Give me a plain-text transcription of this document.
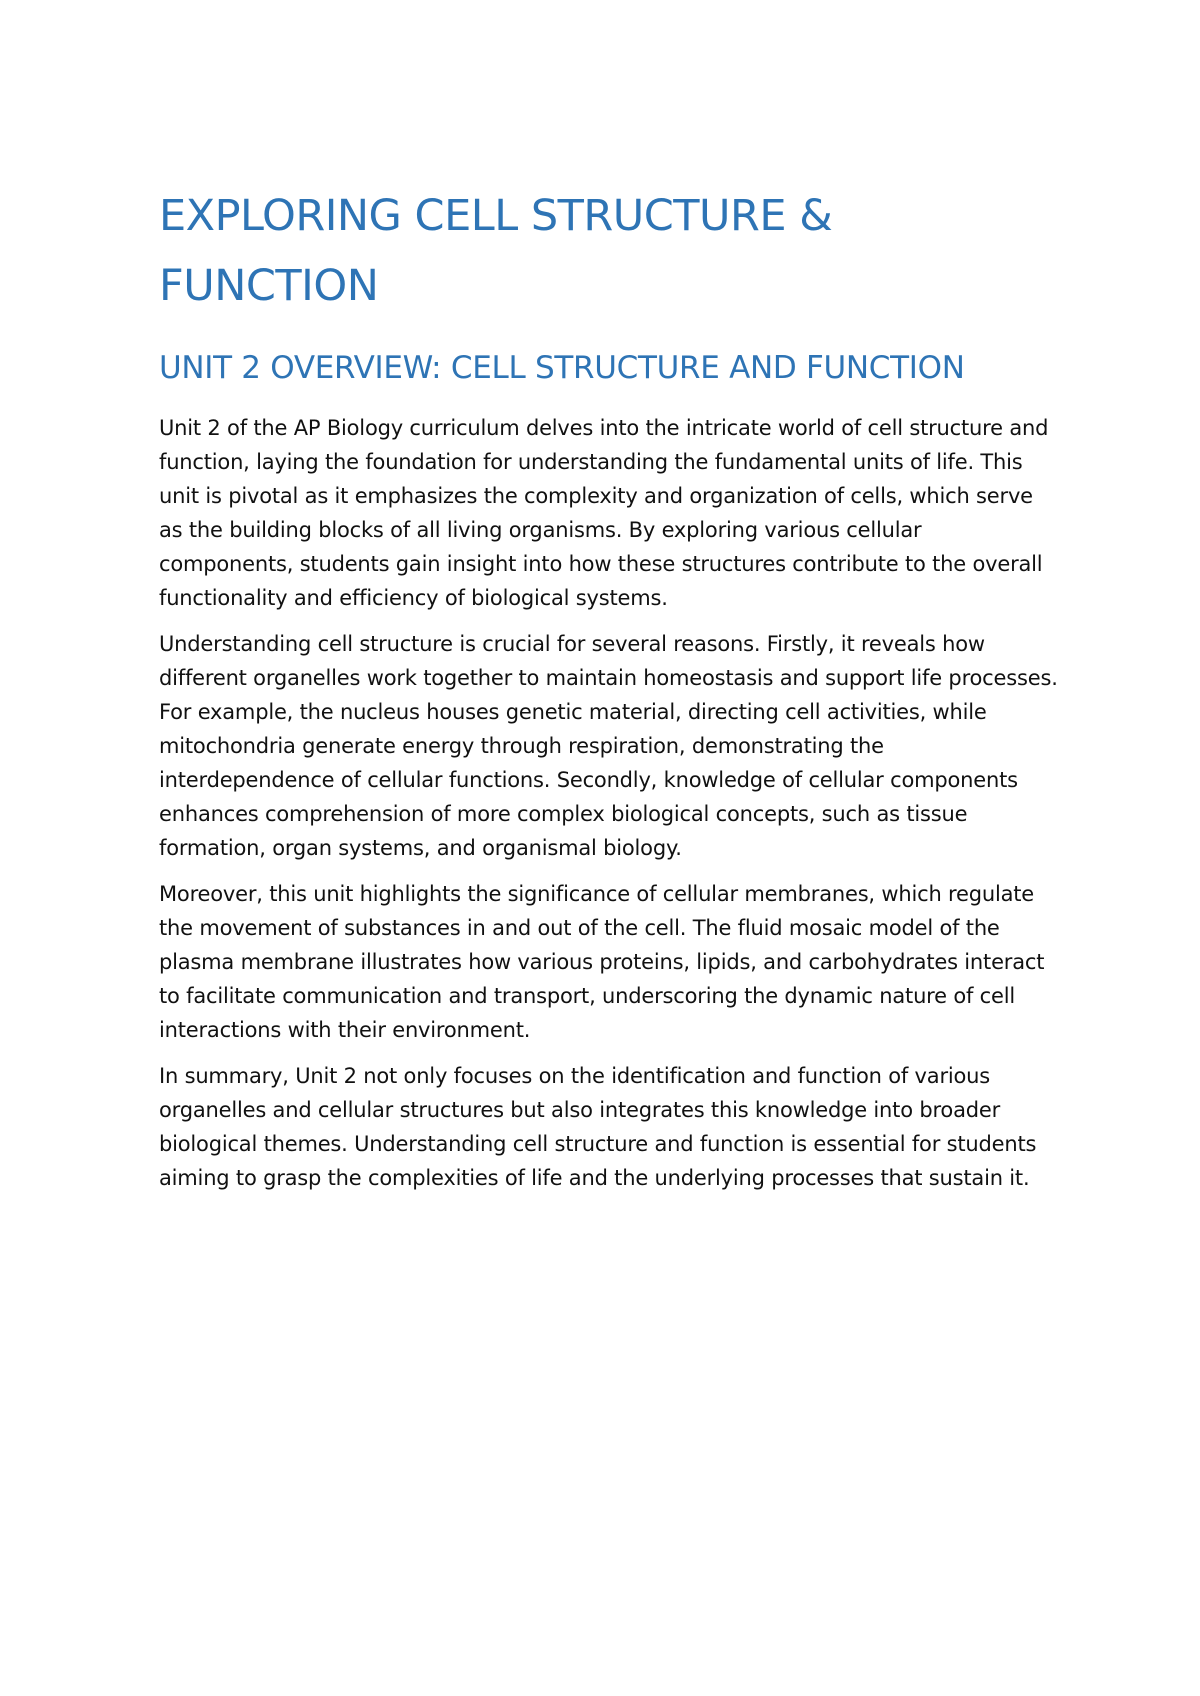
EXPLORING CELL STRUCTURE & FUNCTION
UNIT 2 OVERVIEW: CELL STRUCTURE AND FUNCTION

Unit 2 of the AP Biology curriculum delves into the intricate world of cell structure and function, laying the foundation for understanding the fundamental units of life. This unit is pivotal as it emphasizes the complexity and organization of cells, which serve as the building blocks of all living organisms. By exploring various cellular components, students gain insight into how these structures contribute to the overall functionality and efficiency of biological systems.

Understanding cell structure is crucial for several reasons. Firstly, it reveals how different organelles work together to maintain homeostasis and support life processes. For example, the nucleus houses genetic material, directing cell activities, while mitochondria generate energy through respiration, demonstrating the interdependence of cellular functions. Secondly, knowledge of cellular components enhances comprehension of more complex biological concepts, such as tissue formation, organ systems, and organismal biology.

Moreover, this unit highlights the significance of cellular membranes, which regulate the movement of substances in and out of the cell. The fluid mosaic model of the plasma membrane illustrates how various proteins, lipids, and carbohydrates interact to facilitate communication and transport, underscoring the dynamic nature of cell interactions with their environment.

In summary, Unit 2 not only focuses on the identification and function of various organelles and cellular structures but also integrates this knowledge into broader biological themes. Understanding cell structure and function is essential for students aiming to grasp the complexities of life and the underlying processes that sustain it.
